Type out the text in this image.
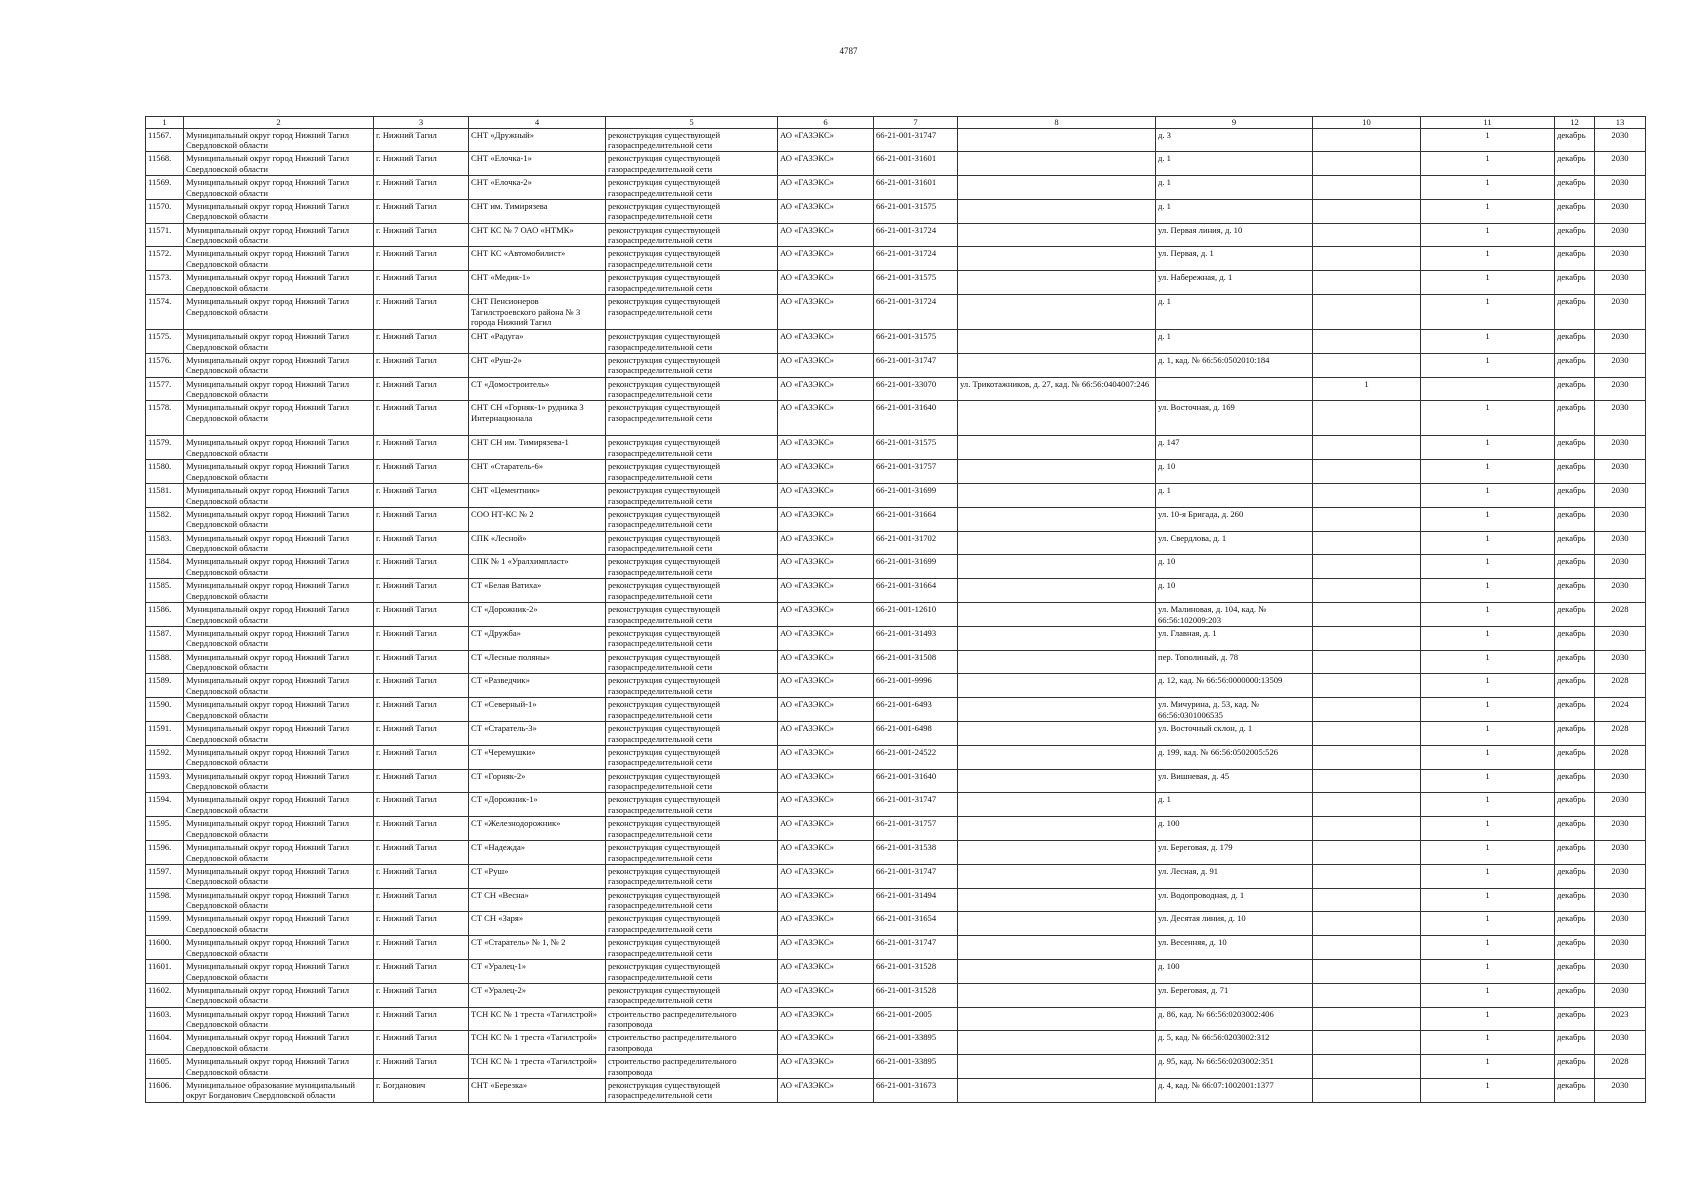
4787
1	2	3	4	5	6	7	8	9	10	11	12	13
11567.	Муниципальный округ город Нижний Тагил Свердловской области	г. Нижний Тагил	СНТ «Дружный»	реконструкция существующей газораспределительной сети	АО «ГАЗЭКС»	66-21-001-31747		д. 3		1	декабрь	2030
11568.	Муниципальный округ город Нижний Тагил Свердловской области	г. Нижний Тагил	СНТ «Елочка-1»	реконструкция существующей газораспределительной сети	АО «ГАЗЭКС»	66-21-001-31601		д. 1		1	декабрь	2030
11569.	Муниципальный округ город Нижний Тагил Свердловской области	г. Нижний Тагил	СНТ «Елочка-2»	реконструкция существующей газораспределительной сети	АО «ГАЗЭКС»	66-21-001-31601		д. 1		1	декабрь	2030
11570.	Муниципальный округ город Нижний Тагил Свердловской области	г. Нижний Тагил	СНТ им. Тимирязева	реконструкция существующей газораспределительной сети	АО «ГАЗЭКС»	66-21-001-31575		д. 1		1	декабрь	2030
11571.	Муниципальный округ город Нижний Тагил Свердловской области	г. Нижний Тагил	СНТ КС № 7 ОАО «НТМК»	реконструкция существующей газораспределительной сети	АО «ГАЗЭКС»	66-21-001-31724		ул. Первая линия, д. 10		1	декабрь	2030
11572.	Муниципальный округ город Нижний Тагил Свердловской области	г. Нижний Тагил	СНТ КС «Автомобилист»	реконструкция существующей газораспределительной сети	АО «ГАЗЭКС»	66-21-001-31724		ул. Первая, д. 1		1	декабрь	2030
11573.	Муниципальный округ город Нижний Тагил Свердловской области	г. Нижний Тагил	СНТ «Медик-1»	реконструкция существующей газораспределительной сети	АО «ГАЗЭКС»	66-21-001-31575		ул. Набережная, д. 1		1	декабрь	2030
11574.	Муниципальный округ город Нижний Тагил Свердловской области	г. Нижний Тагил	СНТ Пенсионеров Тагилстроевского района № 3 города Нижний Тагил	реконструкция существующей газораспределительной сети	АО «ГАЗЭКС»	66-21-001-31724		д. 1		1	декабрь	2030
11575.	Муниципальный округ город Нижний Тагил Свердловской области	г. Нижний Тагил	СНТ «Радуга»	реконструкция существующей газораспределительной сети	АО «ГАЗЭКС»	66-21-001-31575		д. 1		1	декабрь	2030
11576.	Муниципальный округ город Нижний Тагил Свердловской области	г. Нижний Тагил	СНТ «Руш-2»	реконструкция существующей газораспределительной сети	АО «ГАЗЭКС»	66-21-001-31747		д. 1, кад. № 66:56:0502010:184		1	декабрь	2030
11577.	Муниципальный округ город Нижний Тагил Свердловской области	г. Нижний Тагил	СТ «Домостроитель»	реконструкция существующей газораспределительной сети	АО «ГАЗЭКС»	66-21-001-33070	ул. Трикотажников, д. 27, кад. № 66:56:0404007:246		1		декабрь	2030
11578.	Муниципальный округ город Нижний Тагил Свердловской области	г. Нижний Тагил	СНТ СН «Горняк-1» рудника 3 Интернационала	реконструкция существующей газораспределительной сети	АО «ГАЗЭКС»	66-21-001-31640		ул. Восточная, д. 169		1	декабрь	2030
11579.	Муниципальный округ город Нижний Тагил Свердловской области	г. Нижний Тагил	СНТ СН им. Тимирязева-1	реконструкция существующей газораспределительной сети	АО «ГАЗЭКС»	66-21-001-31575		д. 147		1	декабрь	2030
11580.	Муниципальный округ город Нижний Тагил Свердловской области	г. Нижний Тагил	СНТ «Старатель-6»	реконструкция существующей газораспределительной сети	АО «ГАЗЭКС»	66-21-001-31757		д. 10		1	декабрь	2030
11581.	Муниципальный округ город Нижний Тагил Свердловской области	г. Нижний Тагил	СНТ «Цементник»	реконструкция существующей газораспределительной сети	АО «ГАЗЭКС»	66-21-001-31699		д. 1		1	декабрь	2030
11582.	Муниципальный округ город Нижний Тагил Свердловской области	г. Нижний Тагил	СОО НТ-КС № 2	реконструкция существующей газораспределительной сети	АО «ГАЗЭКС»	66-21-001-31664		ул. 10-я Бригада, д. 260		1	декабрь	2030
11583.	Муниципальный округ город Нижний Тагил Свердловской области	г. Нижний Тагил	СПК «Лесной»	реконструкция существующей газораспределительной сети	АО «ГАЗЭКС»	66-21-001-31702		ул. Свердлова, д. 1		1	декабрь	2030
11584.	Муниципальный округ город Нижний Тагил Свердловской области	г. Нижний Тагил	СПК № 1 «Уралхимпласт»	реконструкция существующей газораспределительной сети	АО «ГАЗЭКС»	66-21-001-31699		д. 10		1	декабрь	2030
11585.	Муниципальный округ город Нижний Тагил Свердловской области	г. Нижний Тагил	СТ «Белая Ватиха»	реконструкция существующей газораспределительной сети	АО «ГАЗЭКС»	66-21-001-31664		д. 10		1	декабрь	2030
11586.	Муниципальный округ город Нижний Тагил Свердловской области	г. Нижний Тагил	СТ «Дорожник-2»	реконструкция существующей газораспределительной сети	АО «ГАЗЭКС»	66-21-001-12610		ул. Малиновая, д. 104, кад. № 66:56:102009:203		1	декабрь	2028
11587.	Муниципальный округ город Нижний Тагил Свердловской области	г. Нижний Тагил	СТ «Дружба»	реконструкция существующей газораспределительной сети	АО «ГАЗЭКС»	66-21-001-31493		ул. Главная, д. 1		1	декабрь	2030
11588.	Муниципальный округ город Нижний Тагил Свердловской области	г. Нижний Тагил	СТ «Лесные поляны»	реконструкция существующей газораспределительной сети	АО «ГАЗЭКС»	66-21-001-31508		пер. Тополиный, д. 78		1	декабрь	2030
11589.	Муниципальный округ город Нижний Тагил Свердловской области	г. Нижний Тагил	СТ «Разведчик»	реконструкция существующей газораспределительной сети	АО «ГАЗЭКС»	66-21-001-9996		д. 12, кад. № 66:56:0000000:13509		1	декабрь	2028
11590.	Муниципальный округ город Нижний Тагил Свердловской области	г. Нижний Тагил	СТ «Северный-1»	реконструкция существующей газораспределительной сети	АО «ГАЗЭКС»	66-21-001-6493		ул. Мичурина, д. 53, кад. № 66:56:0301006535		1	декабрь	2024
11591.	Муниципальный округ город Нижний Тагил Свердловской области	г. Нижний Тагил	СТ «Старатель-3»	реконструкция существующей газораспределительной сети	АО «ГАЗЭКС»	66-21-001-6498		ул. Восточный склон, д. 1		1	декабрь	2028
11592.	Муниципальный округ город Нижний Тагил Свердловской области	г. Нижний Тагил	СТ «Черемушки»	реконструкция существующей газораспределительной сети	АО «ГАЗЭКС»	66-21-001-24522		д. 199, кад. № 66:56:0502005:526		1	декабрь	2028
11593.	Муниципальный округ город Нижний Тагил Свердловской области	г. Нижний Тагил	СТ «Горняк-2»	реконструкция существующей газораспределительной сети	АО «ГАЗЭКС»	66-21-001-31640		ул. Вишневая, д. 45		1	декабрь	2030
11594.	Муниципальный округ город Нижний Тагил Свердловской области	г. Нижний Тагил	СТ «Дорожник-1»	реконструкция существующей газораспределительной сети	АО «ГАЗЭКС»	66-21-001-31747		д. 1		1	декабрь	2030
11595.	Муниципальный округ город Нижний Тагил Свердловской области	г. Нижний Тагил	СТ «Железнодорожник»	реконструкция существующей газораспределительной сети	АО «ГАЗЭКС»	66-21-001-31757		д. 100		1	декабрь	2030
11596.	Муниципальный округ город Нижний Тагил Свердловской области	г. Нижний Тагил	СТ «Надежда»	реконструкция существующей газораспределительной сети	АО «ГАЗЭКС»	66-21-001-31538		ул. Береговая, д. 179		1	декабрь	2030
11597.	Муниципальный округ город Нижний Тагил Свердловской области	г. Нижний Тагил	СТ «Руш»	реконструкция существующей газораспределительной сети	АО «ГАЗЭКС»	66-21-001-31747		ул. Лесная, д. 91		1	декабрь	2030
11598.	Муниципальный округ город Нижний Тагил Свердловской области	г. Нижний Тагил	СТ СН «Весна»	реконструкция существующей газораспределительной сети	АО «ГАЗЭКС»	66-21-001-31494		ул. Водопроводная, д. 1		1	декабрь	2030
11599.	Муниципальный округ город Нижний Тагил Свердловской области	г. Нижний Тагил	СТ СН «Заря»	реконструкция существующей газораспределительной сети	АО «ГАЗЭКС»	66-21-001-31654		ул. Десятая линия, д. 10		1	декабрь	2030
11600.	Муниципальный округ город Нижний Тагил Свердловской области	г. Нижний Тагил	СТ «Старатель» № 1, № 2	реконструкция существующей газораспределительной сети	АО «ГАЗЭКС»	66-21-001-31747		ул. Весенняя, д. 10		1	декабрь	2030
11601.	Муниципальный округ город Нижний Тагил Свердловской области	г. Нижний Тагил	СТ «Уралец-1»	реконструкция существующей газораспределительной сети	АО «ГАЗЭКС»	66-21-001-31528		д. 100		1	декабрь	2030
11602.	Муниципальный округ город Нижний Тагил Свердловской области	г. Нижний Тагил	СТ «Уралец-2»	реконструкция существующей газораспределительной сети	АО «ГАЗЭКС»	66-21-001-31528		ул. Береговая, д. 71		1	декабрь	2030
11603.	Муниципальный округ город Нижний Тагил Свердловской области	г. Нижний Тагил	ТСН КС № 1 треста «Тагилстрой»	строительство распределительного газопровода	АО «ГАЗЭКС»	66-21-001-2005		д. 86, кад. № 66:56:0203002:406		1	декабрь	2023
11604.	Муниципальный округ город Нижний Тагил Свердловской области	г. Нижний Тагил	ТСН КС № 1 треста «Тагилстрой»	строительство распределительного газопровода	АО «ГАЗЭКС»	66-21-001-33895		д. 5, кад. № 66:56:0203002:312		1	декабрь	2030
11605.	Муниципальный округ город Нижний Тагил Свердловской области	г. Нижний Тагил	ТСН КС № 1 треста «Тагилстрой»	строительство распределительного газопровода	АО «ГАЗЭКС»	66-21-001-33895		д. 95, кад. № 66:56:0203002:351		1	декабрь	2028
11606.	Муниципальное образование муниципальный округ Богданович Свердловской области	г. Богданович	СНТ «Березка»	реконструкция существующей газораспределительной сети	АО «ГАЗЭКС»	66-21-001-31673		д. 4, кад. № 66:07:1002001:1377		1	декабрь	2030
